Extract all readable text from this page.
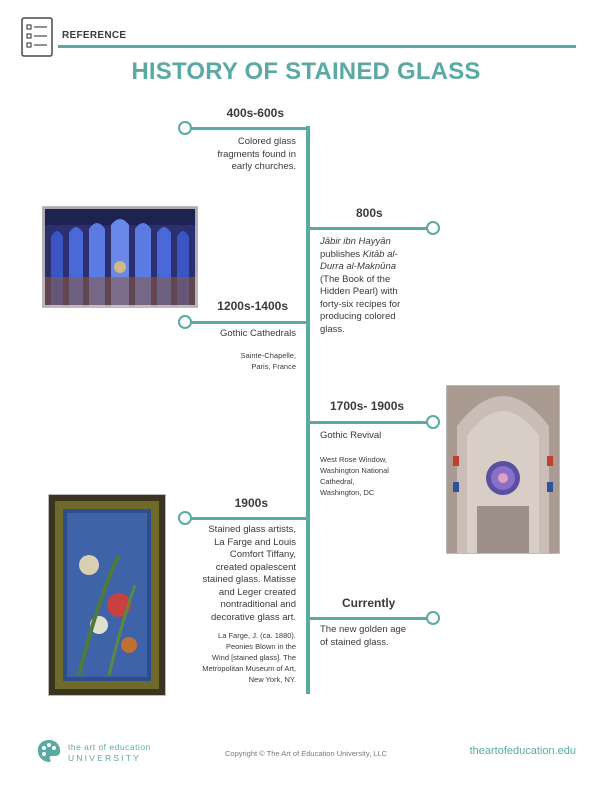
REFERENCE
HISTORY OF STAINED GLASS
400s-600s
Colored glass
fragments found in
early churches.
800s
Jābir ibn Hayyān
publishes Kitāb al-
Durra al-Maknūna
(The Book of the
Hidden Pearl) with
forty-six recipes for
producing colored
glass.
1200s-1400s
Gothic Cathedrals
Sainte-Chapelle,
Paris, France
1700s- 1900s
Gothic Revival
West Rose Window,
Washington National
Cathedral,
Washington, DC
1900s
Stained glass artists,
La Farge and Louis
Comfort Tiffany,
created opalescent
stained glass. Matisse
and Leger created
nontraditional and
decorative glass art.
La Farge, J. (ca. 1880).
Peonies Blown in the
Wind [stained glass]. The
Metropolitan Museum of Art,
New York, NY.
Currently
The new golden age
of stained glass.
the art of education
UNIVERSITY	Copyright © The Art of Education University, LLC	theartofeducation.edu
